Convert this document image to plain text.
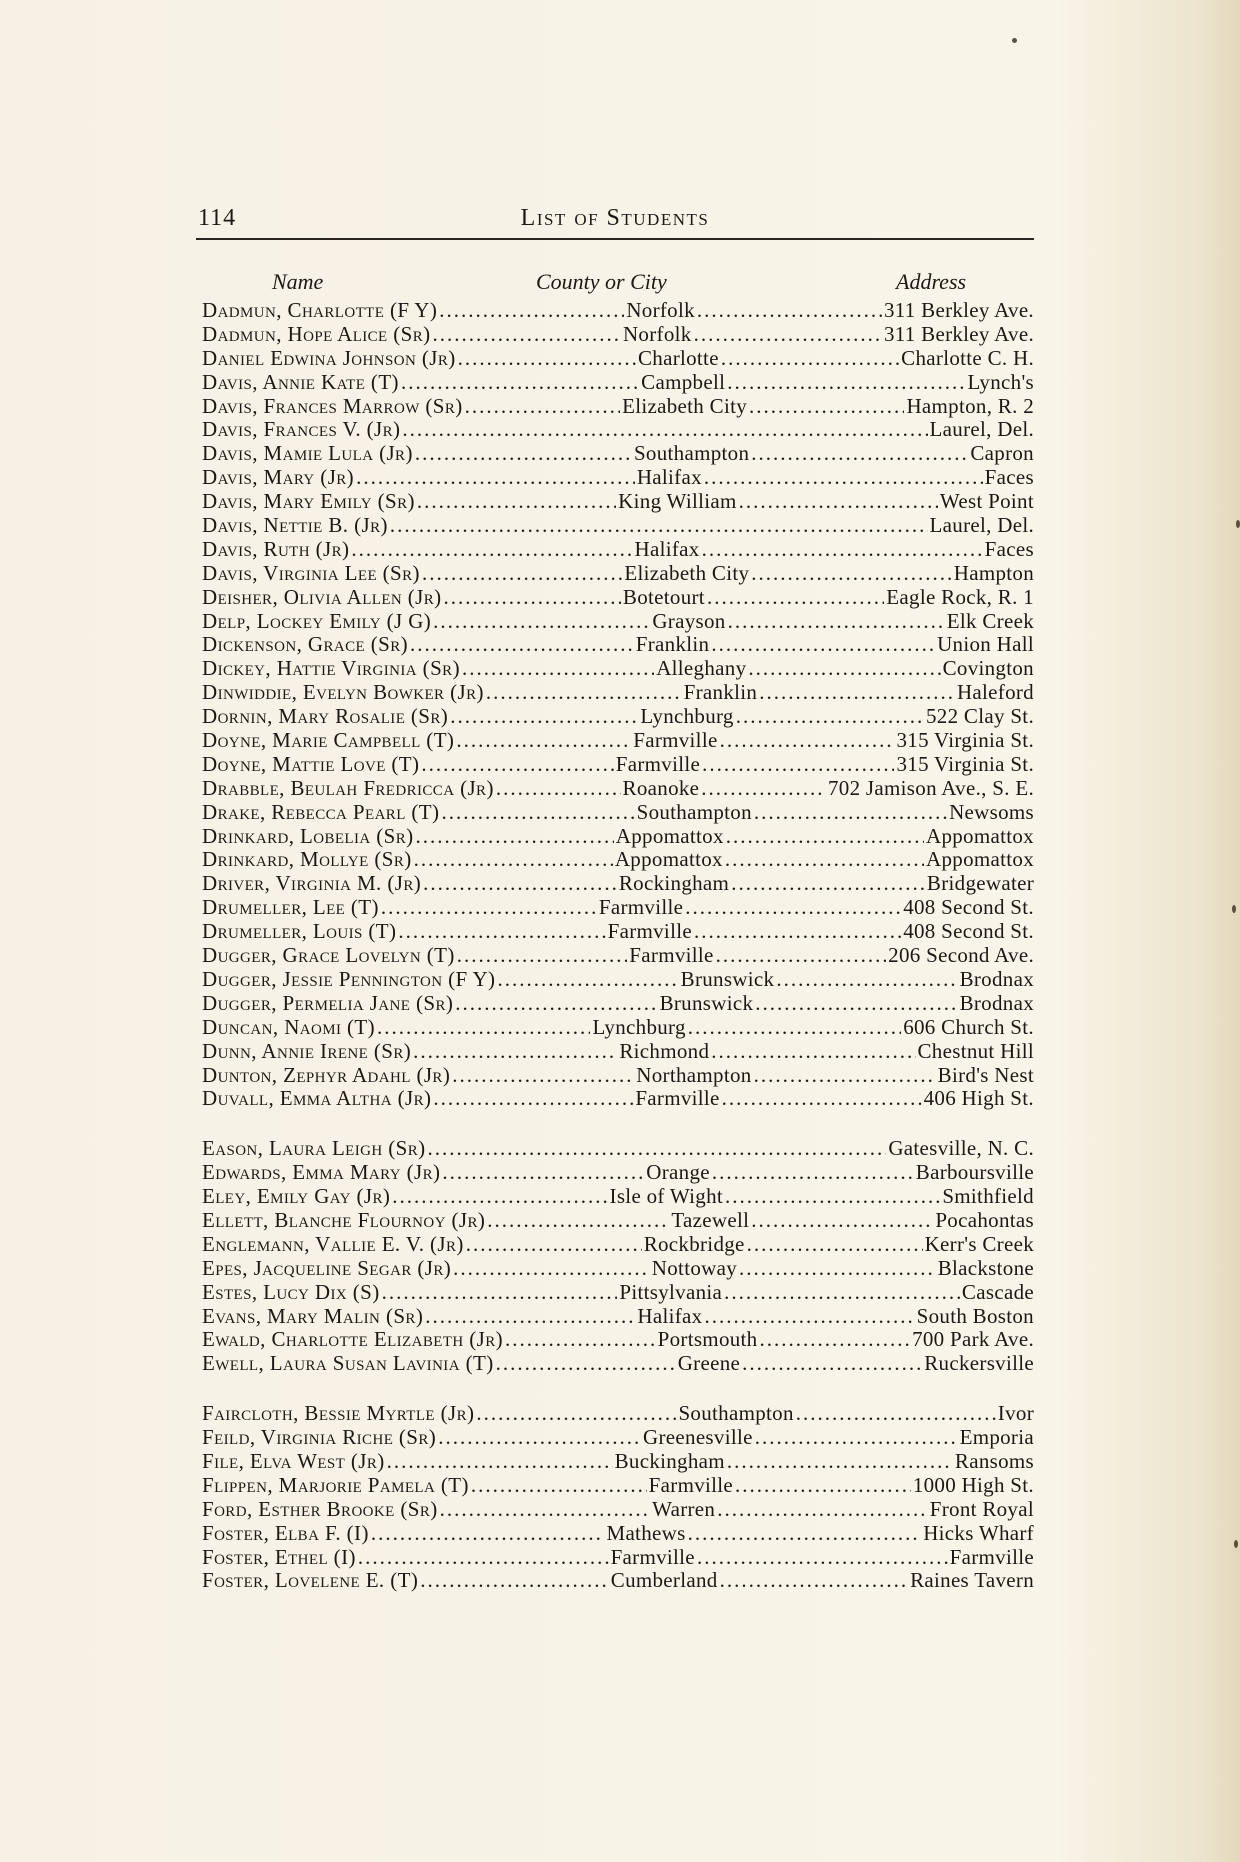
114	List of Students
Name	County or City	Address
Dadmun, Charlotte (F Y) .....	Norfolk .....	311 Berkley Ave.
Dadmun, Hope Alice (Sr) .....	Norfolk .....	311 Berkley Ave.
Daniel Edwina Johnson (Jr) .....	Charlotte .....	Charlotte C. H.
Davis, Annie Kate (T) .....	Campbell .....	Lynch's
Davis, Frances Marrow (Sr) .....	Elizabeth City .....	Hampton, R. 2
Davis, Frances V. (Jr) .....	Laurel, Del.
Davis, Mamie Lula (Jr) .....	Southampton .....	Capron
Davis, Mary (Jr) .....	Halifax .....	Faces
Davis, Mary Emily (Sr) .....	King William .....	West Point
Davis, Nettie B. (Jr) .....	Laurel, Del.
Davis, Ruth (Jr) .....	Halifax .....	Faces
Davis, Virginia Lee (Sr) .....	Elizabeth City .....	Hampton
Deisher, Olivia Allen (Jr) .....	Botetourt .....	Eagle Rock, R. 1
Delp, Lockey Emily (J G) .....	Grayson .....	Elk Creek
Dickenson, Grace (Sr) .....	Franklin .....	Union Hall
Dickey, Hattie Virginia (Sr) .....	Alleghany .....	Covington
Dinwiddie, Evelyn Bowker (Jr) .....	Franklin .....	Haleford
Dornin, Mary Rosalie (Sr) .....	Lynchburg .....	522 Clay St.
Doyne, Marie Campbell (T) .....	Farmville .....	315 Virginia St.
Doyne, Mattie Love (T) .....	Farmville .....	315 Virginia St.
Drabble, Beulah Fredricca (Jr) .....	Roanoke .....	702 Jamison Ave., S. E.
Drake, Rebecca Pearl (T) .....	Southampton .....	Newsoms
Drinkard, Lobelia (Sr) .....	Appomattox .....	Appomattox
Drinkard, Mollye (Sr) .....	Appomattox .....	Appomattox
Driver, Virginia M. (Jr) .....	Rockingham .....	Bridgewater
Drumeller, Lee (T) .....	Farmville .....	408 Second St.
Drumeller, Louis (T) .....	Farmville .....	408 Second St.
Dugger, Grace Lovelyn (T) .....	Farmville .....	206 Second Ave.
Dugger, Jessie Pennington (F Y) .....	Brunswick .....	Brodnax
Dugger, Permelia Jane (Sr) .....	Brunswick .....	Brodnax
Duncan, Naomi (T) .....	Lynchburg .....	606 Church St.
Dunn, Annie Irene (Sr) .....	Richmond .....	Chestnut Hill
Dunton, Zephyr Adahl (Jr) .....	Northampton .....	Bird's Nest
Duvall, Emma Altha (Jr) .....	Farmville .....	406 High St.
Eason, Laura Leigh (Sr) .....	Gatesville, N. C.
Edwards, Emma Mary (Jr) .....	Orange .....	Barboursville
Eley, Emily Gay (Jr) .....	Isle of Wight .....	Smithfield
Ellett, Blanche Flournoy (Jr) .....	Tazewell .....	Pocahontas
Englemann, Vallie E. V. (Jr) .....	Rockbridge .....	Kerr's Creek
Epes, Jacqueline Segar (Jr) .....	Nottoway .....	Blackstone
Estes, Lucy Dix (S) .....	Pittsylvania .....	Cascade
Evans, Mary Malin (Sr) .....	Halifax .....	South Boston
Ewald, Charlotte Elizabeth (Jr) .....	Portsmouth .....	700 Park Ave.
Ewell, Laura Susan Lavinia (T) .....	Greene .....	Ruckersville
Faircloth, Bessie Myrtle (Jr) .....	Southampton .....	Ivor
Feild, Virginia Riche (Sr) .....	Greenesville .....	Emporia
File, Elva West (Jr) .....	Buckingham .....	Ransoms
Flippen, Marjorie Pamela (T) .....	Farmville .....	1000 High St.
Ford, Esther Brooke (Sr) .....	Warren .....	Front Royal
Foster, Elba F. (I) .....	Mathews .....	Hicks Wharf
Foster, Ethel (I) .....	Farmville .....	Farmville
Foster, Lovelene E. (T) .....	Cumberland .....	Raines Tavern
